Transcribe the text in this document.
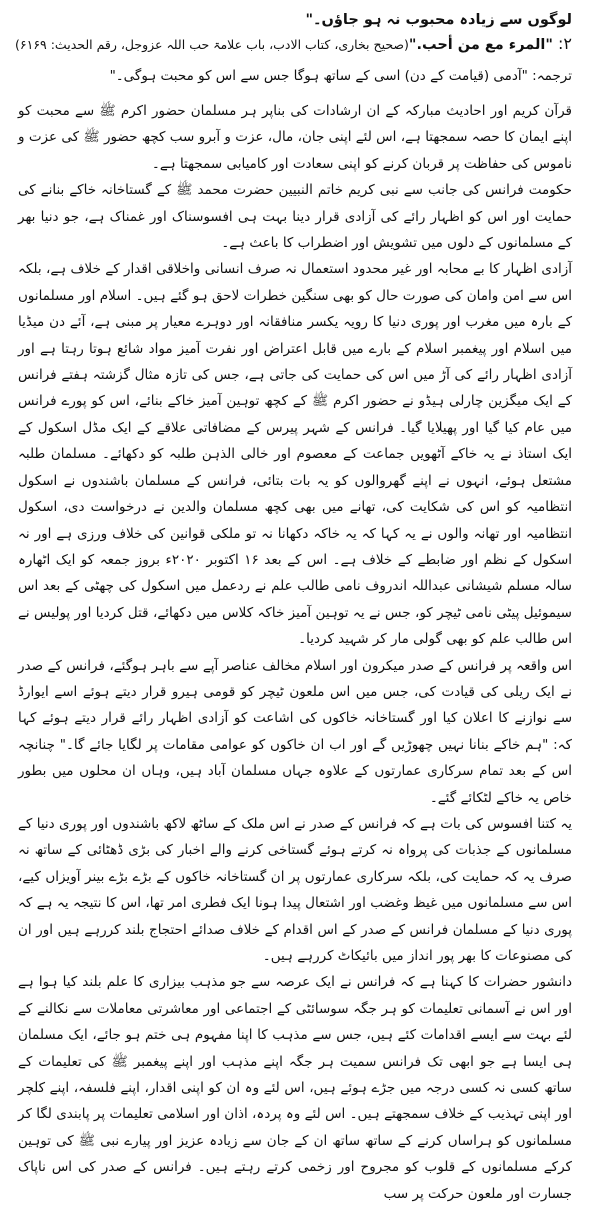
لوگوں سے زیادہ محبوب نہ ہو جاؤں۔"
۲: "المرء مع من أحب."
(صحیح بخاری، کتاب الادب، باب علامۃ حب اللہ عزوجل، رقم الحدیث: ۶۱۶۹)
ترجمہ: "آدمی (قیامت کے دن) اسی کے ساتھ ہوگا جس سے اس کو محبت ہوگی۔"

قرآن کریم اور احادیث مبارکہ کے ان ارشادات کی بناپر ہر مسلمان حضور اکرم ﷺ سے محبت کو اپنے ایمان کا حصہ سمجھتا ہے، اس لئے اپنی جان، مال، عزت و آبرو سب کچھ حضور ﷺ کی عزت و ناموس کی حفاظت پر قربان کرنے کو اپنی سعادت اور کامیابی سمجھتا ہے۔

حکومت فرانس کی جانب سے نبی کریم خاتم النبیین حضرت محمد ﷺ کے گستاخانہ خاکے بنانے کی حمایت اور اس کو اظہار رائے کی آزادی قرار دینا بہت ہی افسوسناک اور غمناک ہے، جو دنیا بھر کے مسلمانوں کے دلوں میں تشویش اور اضطراب کا باعث ہے۔

آزادی اظہار کا بے محابہ اور غیر محدود استعمال نہ صرف انسانی واخلاقی اقدار کے خلاف ہے، بلکہ اس سے امن وامان کی صورت حال کو بھی سنگین خطرات لاحق ہو گئے ہیں۔ اسلام اور مسلمانوں کے بارہ میں مغرب اور پوری دنیا کا رویہ یکسر منافقانہ اور دوہرے معیار پر مبنی ہے، آئے دن میڈیا میں اسلام اور پیغمبر اسلام کے بارے میں قابل اعتراض اور نفرت آمیز مواد شائع ہوتا رہتا ہے اور آزادی اظہار رائے کی آڑ میں اس کی حمایت کی جاتی ہے، جس کی تازہ مثال گزشتہ ہفتے فرانس کے ایک میگزین چارلی ہیڈو نے حضور اکرم ﷺ کے کچھ توہین آمیز خاکے بنائے، اس کو پورے فرانس میں عام کیا گیا اور پھیلایا گیا۔ فرانس کے شہر پیرس کے مضافاتی علاقے کے ایک مڈل اسکول کے ایک استاذ نے یہ خاکے آٹھویں جماعت کے معصوم اور خالی الذہن طلبہ کو دکھائے۔ مسلمان طلبہ مشتعل ہوئے، انہوں نے اپنے گھروالوں کو یہ بات بتائی، فرانس کے مسلمان باشندوں نے اسکول انتظامیہ کو اس کی شکایت کی، تھانے میں بھی کچھ مسلمان والدین نے درخواست دی، اسکول انتظامیہ اور تھانہ والوں نے یہ کہا کہ یہ خاکہ دکھانا نہ تو ملکی قوانین کی خلاف ورزی ہے اور نہ اسکول کے نظم اور ضابطے کے خلاف ہے۔ اس کے بعد ۱۶ اکتوبر ۲۰۲۰ء بروز جمعہ کو ایک اٹھارہ سالہ مسلم شیشانی عبداللہ اندروف نامی طالب علم نے ردعمل میں اسکول کی چھٹی کے بعد اس سیموئیل پیٹی نامی ٹیچر کو، جس نے یہ توہین آمیز خاکہ کلاس میں دکھائے، قتل کردیا اور پولیس نے اس طالب علم کو بھی گولی مار کر شہید کردیا۔

اس واقعہ پر فرانس کے صدر میکرون اور اسلام مخالف عناصر آپے سے باہر ہوگئے، فرانس کے صدر نے ایک ریلی کی قیادت کی، جس میں اس ملعون ٹیچر کو قومی ہیرو قرار دیتے ہوئے اسے ایوارڈ سے نوازنے کا اعلان کیا اور گستاخانہ خاکوں کی اشاعت کو آزادی اظہار رائے قرار دیتے ہوئے کہا کہ: "ہم خاکے بنانا نہیں چھوڑیں گے اور اب ان خاکوں کو عوامی مقامات پر لگایا جائے گا۔" چنانچہ اس کے بعد تمام سرکاری عمارتوں کے علاوہ جہاں مسلمان آباد ہیں، وہاں ان محلوں میں بطور خاص یہ خاکے لٹکائے گئے۔

یہ کتنا افسوس کی بات ہے کہ فرانس کے صدر نے اس ملک کے ساٹھ لاکھ باشندوں اور پوری دنیا کے مسلمانوں کے جذبات کی پرواہ نہ کرتے ہوئے گستاخی کرنے والے اخبار کی بڑی ڈھٹائی کے ساتھ نہ صرف یہ کہ حمایت کی، بلکہ سرکاری عمارتوں پر ان گستاخانہ خاکوں کے بڑے بڑے بینر آویزاں کیے، اس سے مسلمانوں میں غیظ وغضب اور اشتعال پیدا ہونا ایک فطری امر تھا، اس کا نتیجہ یہ ہے کہ پوری دنیا کے مسلمان فرانس کے صدر کے اس اقدام کے خلاف صدائے احتجاج بلند کررہے ہیں اور ان کی مصنوعات کا بھر پور انداز میں بائیکاٹ کررہے ہیں۔

دانشور حضرات کا کہنا ہے کہ فرانس نے ایک عرصہ سے جو مذہب بیزاری کا علم بلند کیا ہوا ہے اور اس نے آسمانی تعلیمات کو ہر جگہ سوسائٹی کے اجتماعی اور معاشرتی معاملات سے نکالنے کے لئے بہت سے ایسے اقدامات کئے ہیں، جس سے مذہب کا اپنا مفہوم ہی ختم ہو جائے، ایک مسلمان ہی ایسا ہے جو ابھی تک فرانس سمیت ہر جگہ اپنے مذہب اور اپنے پیغمبر ﷺ کی تعلیمات کے ساتھ کسی نہ کسی درجہ میں جڑے ہوئے ہیں، اس لئے وہ ان کو اپنی اقدار، اپنے فلسفہ، اپنے کلچر اور اپنی تہذیب کے خلاف سمجھتے ہیں۔ اس لئے وہ پردہ، اذان اور اسلامی تعلیمات پر پابندی لگا کر مسلمانوں کو ہراساں کرنے کے ساتھ ساتھ ان کے جان سے زیادہ عزیز اور پیارے نبی ﷺ کی توہین کرکے مسلمانوں کے قلوب کو مجروح اور زخمی کرتے رہتے ہیں۔ فرانس کے صدر کی اس ناپاک جسارت اور ملعون حرکت پر سب
